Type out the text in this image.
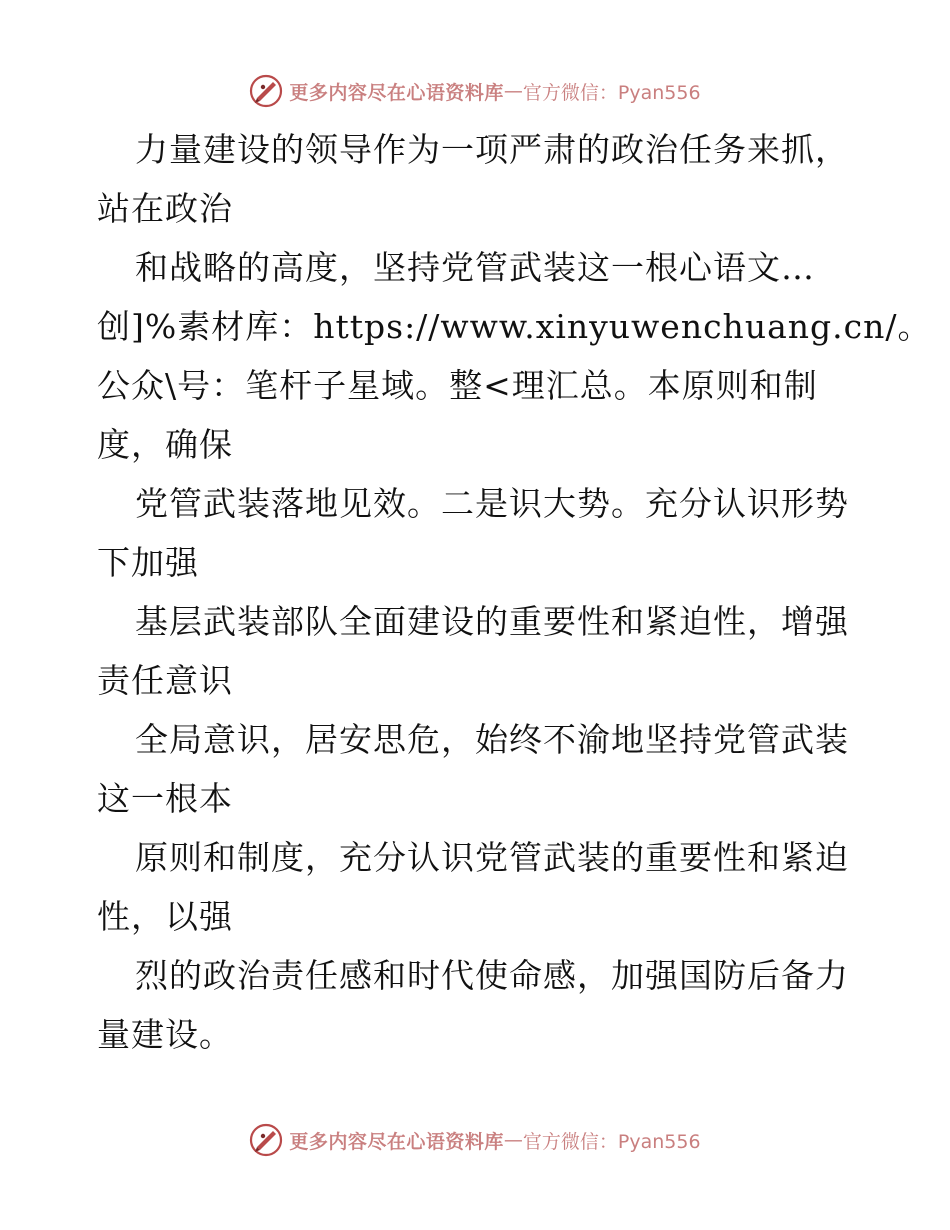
更多内容尽在心语资料库 — 官方微信：Pyan556
力量建设的领导作为一项严肃的政治任务来抓，
站在政治
和战略的高度，坚持党管武装这一根心语文…
创]%素材库：https://www.xinyuwenchuang.cn/。
公众\号：笔杆子星域。整<理汇总。本原则和制
度，确保
党管武装落地见效。二是识大势。充分认识形势
下加强
基层武装部队全面建设的重要性和紧迫性，增强
责任意识
全局意识，居安思危，始终不渝地坚持党管武装
这一根本
原则和制度，充分认识党管武装的重要性和紧迫
性，以强
烈的政治责任感和时代使命感，加强国防后备力
量建设。
更多内容尽在心语资料库 — 官方微信：Pyan556
